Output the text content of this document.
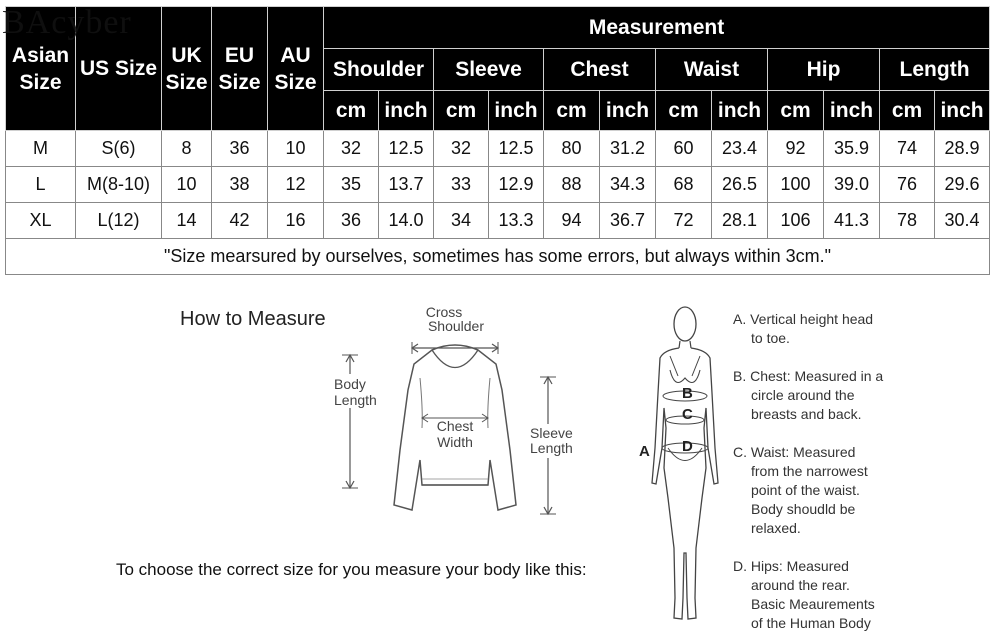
BAcyber
Asian Size	US Size	UK Size	EU Size	AU Size	Measurement											
					Shoulder		Sleeve		Chest		Waist		Hip		Length	
					cm	inch	cm	inch	cm	inch	cm	inch	cm	inch	cm	inch
M	S(6)	8	36	10	32	12.5	32	12.5	80	31.2	60	23.4	92	35.9	74	28.9
L	M(8-10)	10	38	12	35	13.7	33	12.9	88	34.3	68	26.5	100	39.0	76	29.6
XL	L(12)	14	42	16	36	14.0	34	13.3	94	36.7	72	28.1	106	41.3	78	30.4
"Size mearsured by ourselves, sometimes has some errors, but always within 3cm."																
How to Measure	Cross
Shoulder
Body
Length
Chest
Width
Sleeve
Length
To choose the correct size for you measure your body like this:
B
C
D
A

A. Vertical height head

to toe.

B. Chest: Measured in a

circle around the

breasts and back.

C. Waist: Measured

from the narrowest

point of the waist.

Body shoudld be

relaxed.

D. Hips: Measured

around the rear.

Basic Meaurements

of the Human Body
